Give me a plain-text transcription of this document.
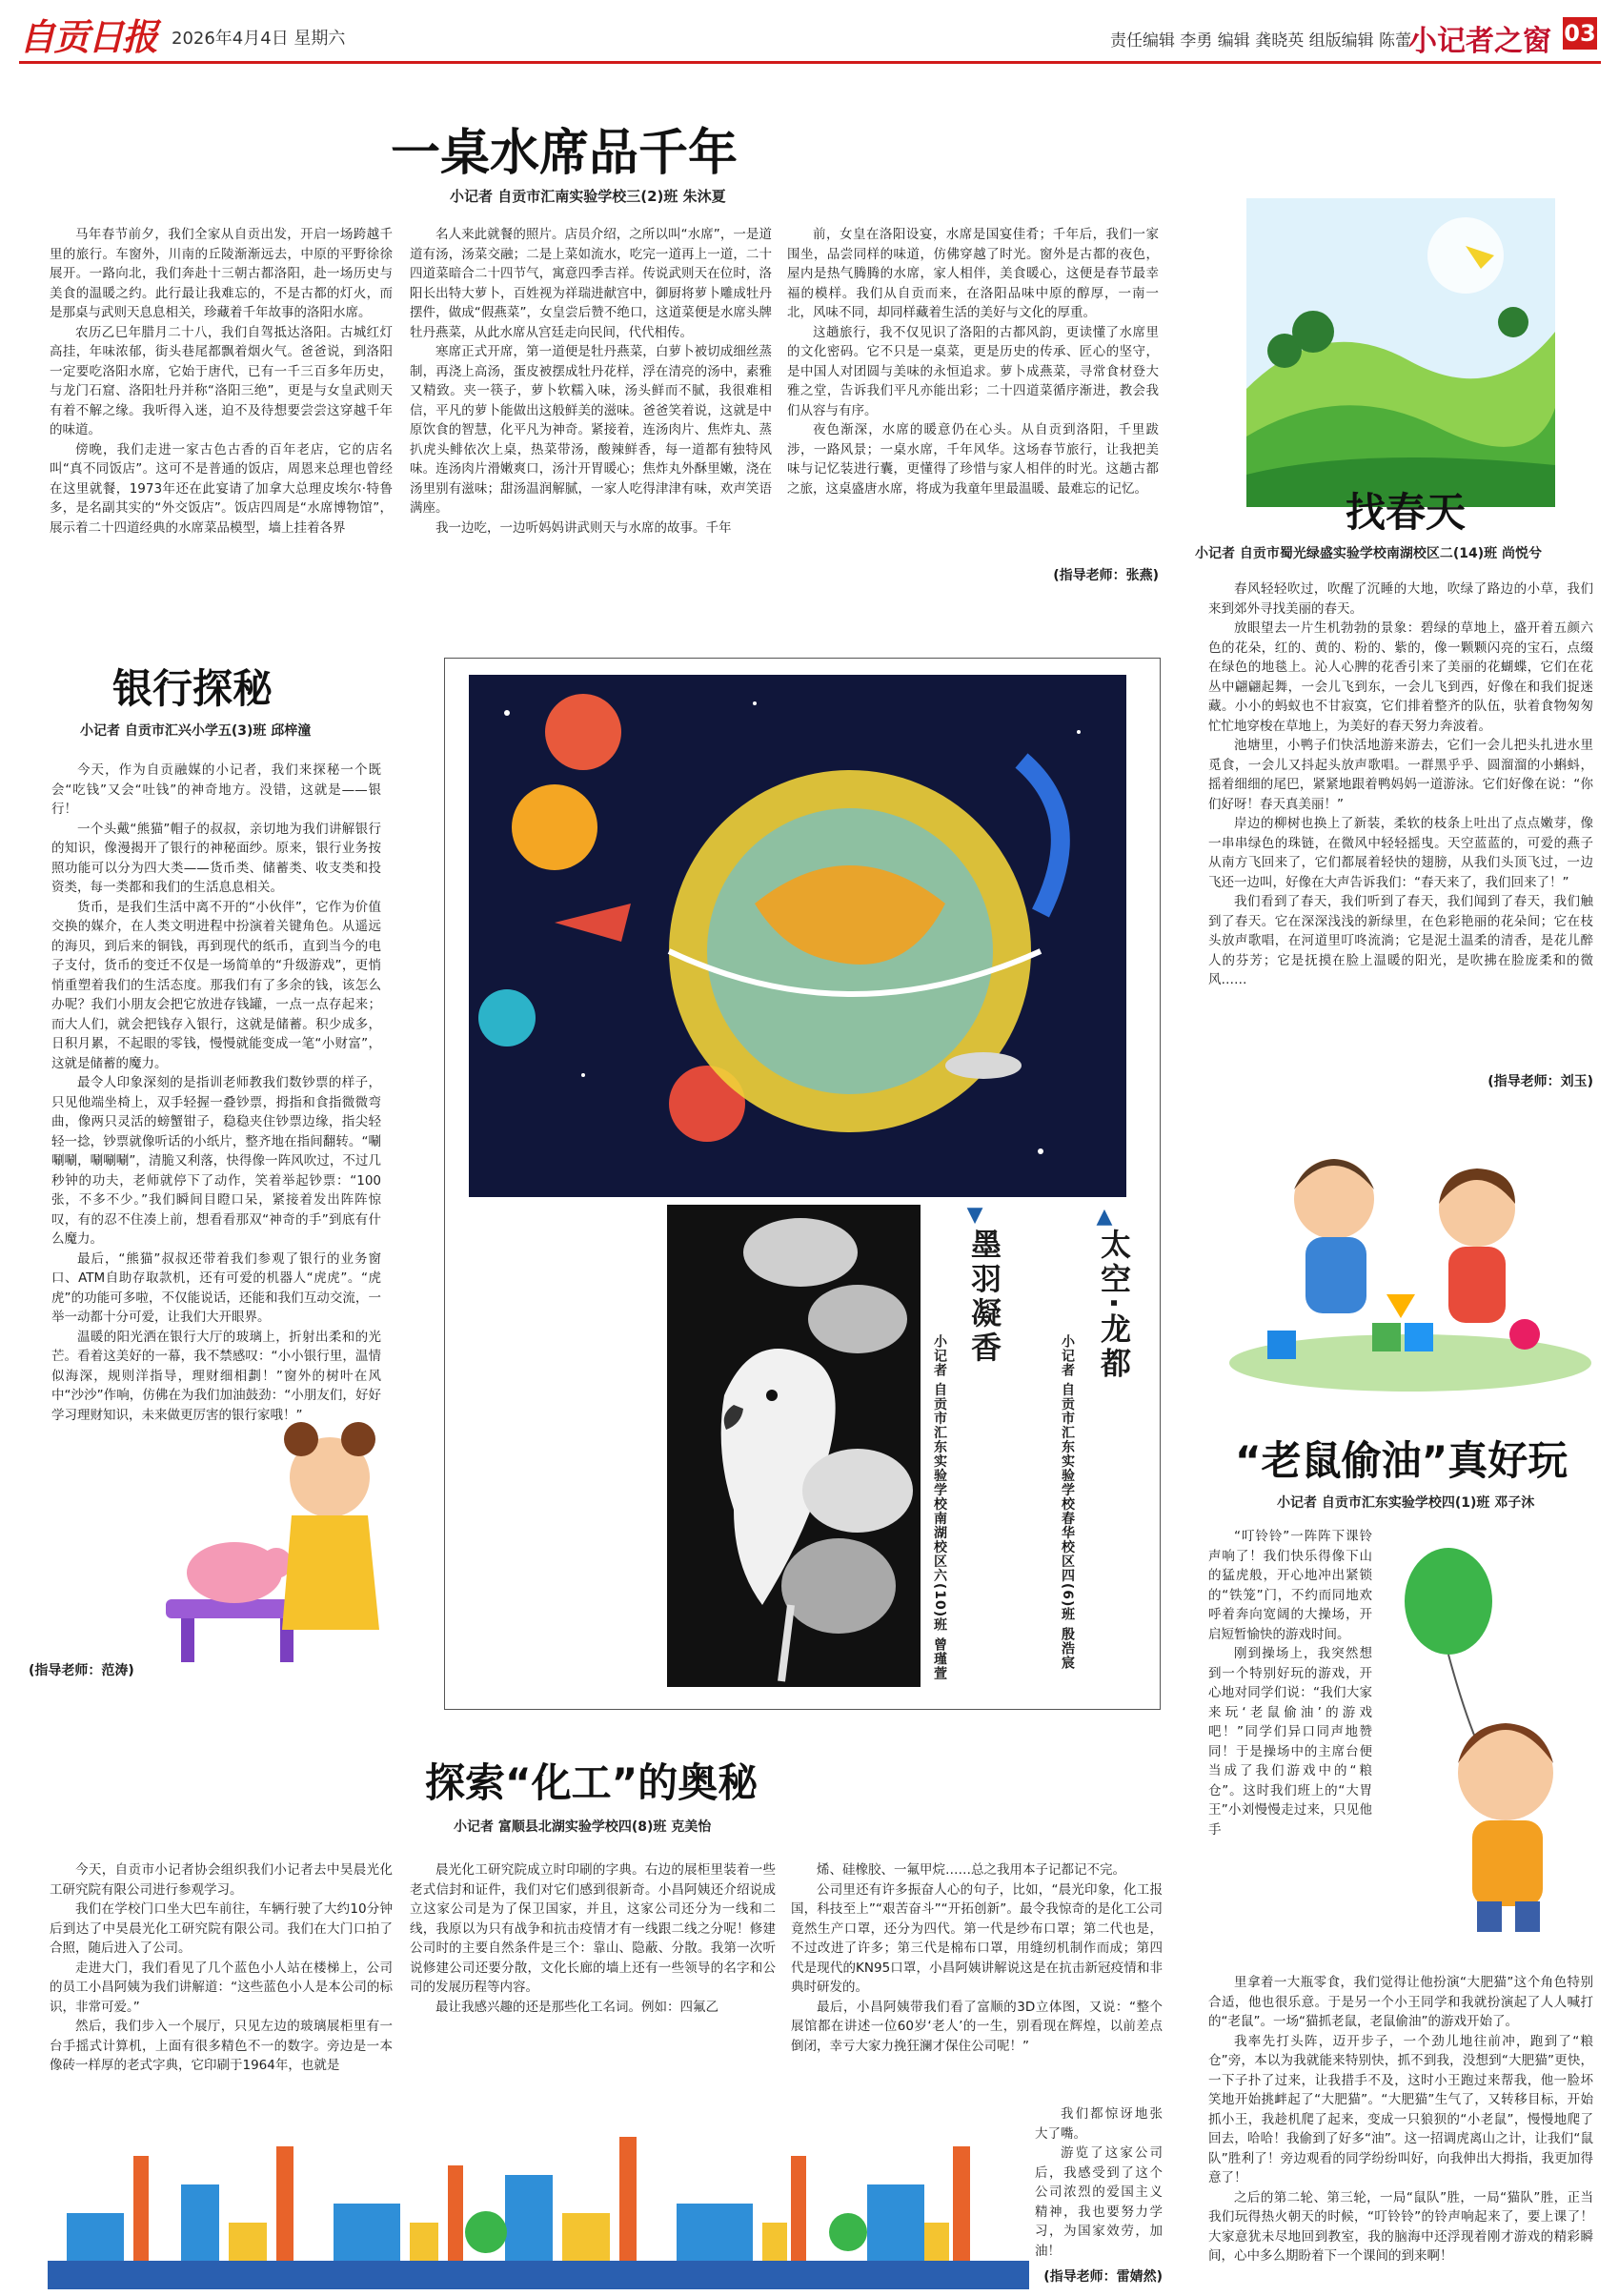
自贡日报 2026年4月4日 星期六	责任编辑 李勇 编辑 龚晓英 组版编辑 陈蕾
小记者之窗 03
一桌水席品千年
小记者 自贡市汇南实验学校三(2)班 朱沐夏

马年春节前夕，我们全家从自贡出发，开启一场跨越千里的旅行。车窗外，川南的丘陵渐渐远去，中原的平野徐徐展开。一路向北，我们奔赴十三朝古都洛阳，赴一场历史与美食的温暖之约。此行最让我难忘的，不是古都的灯火，而是那桌与武则天息息相关，珍藏着千年故事的洛阳水席。

农历乙巳年腊月二十八，我们自驾抵达洛阳。古城红灯高挂，年味浓郁，街头巷尾都飘着烟火气。爸爸说，到洛阳一定要吃洛阳水席，它始于唐代，已有一千三百多年历史，与龙门石窟、洛阳牡丹并称“洛阳三绝”，更是与女皇武则天有着不解之缘。我听得入迷，迫不及待想要尝尝这穿越千年的味道。

傍晚，我们走进一家古色古香的百年老店，它的店名叫“真不同饭店”。这可不是普通的饭店，周恩来总理也曾经在这里就餐，1973年还在此宴请了加拿大总理皮埃尔·特鲁多，是名副其实的“外交饭店”。饭店四周是“水席博物馆”，展示着二十四道经典的水席菜品模型，墙上挂着各界

名人来此就餐的照片。店员介绍，之所以叫“水席”，一是道道有汤，汤菜交融；二是上菜如流水，吃完一道再上一道，二十四道菜暗合二十四节气，寓意四季吉祥。传说武则天在位时，洛阳长出特大萝卜，百姓视为祥瑞进献宫中，御厨将萝卜雕成牡丹摆件，做成“假燕菜”，女皇尝后赞不绝口，这道菜便是水席头牌牡丹燕菜，从此水席从宫廷走向民间，代代相传。

寒席正式开席，第一道便是牡丹燕菜，白萝卜被切成细丝蒸制，再浇上高汤，蛋皮被摆成牡丹花样，浮在清亮的汤中，素雅又精致。夹一筷子，萝卜软糯入味，汤头鲜而不腻，我很难相信，平凡的萝卜能做出这般鲜美的滋味。爸爸笑着说，这就是中原饮食的智慧，化平凡为神奇。紧接着，连汤肉片、焦炸丸、蒸扒虎头鲱依次上桌，热菜带汤，酸辣鲜香，每一道都有独特风味。连汤肉片滑嫩爽口，汤汁开胃暖心；焦炸丸外酥里嫩，浇在汤里别有滋味；甜汤温润解腻，一家人吃得津津有味，欢声笑语满座。

我一边吃，一边听妈妈讲武则天与水席的故事。千年

前，女皇在洛阳设宴，水席是国宴佳肴；千年后，我们一家围坐，品尝同样的味道，仿佛穿越了时光。窗外是古都的夜色，屋内是热气腾腾的水席，家人相伴，美食暖心，这便是春节最幸福的模样。我们从自贡而来，在洛阳品味中原的醇厚，一南一北，风味不同，却同样藏着生活的美好与文化的厚重。

这趟旅行，我不仅见识了洛阳的古都风韵，更读懂了水席里的文化密码。它不只是一桌菜，更是历史的传承、匠心的坚守，是中国人对团圆与美味的永恒追求。萝卜成燕菜，寻常食材登大雅之堂，告诉我们平凡亦能出彩；二十四道菜循序渐进，教会我们从容与有序。

夜色渐深，水席的暖意仍在心头。从自贡到洛阳，千里跋涉，一路风景；一桌水席，千年风华。这场春节旅行，让我把美味与记忆装进行囊，更懂得了珍惜与家人相伴的时光。这趟古都之旅，这桌盛唐水席，将成为我童年里最温暖、最难忘的记忆。

(指导老师：张燕)
找春天
小记者 自贡市蜀光绿盛实验学校南湖校区二(14)班 尚悦兮

春风轻轻吹过，吹醒了沉睡的大地，吹绿了路边的小草，我们来到郊外寻找美丽的春天。

放眼望去一片生机勃勃的景象：碧绿的草地上，盛开着五颜六色的花朵，红的、黄的、粉的、紫的，像一颗颗闪亮的宝石，点缀在绿色的地毯上。沁人心脾的花香引来了美丽的花蝴蝶，它们在花丛中翩翩起舞，一会儿飞到东，一会儿飞到西，好像在和我们捉迷藏。小小的蚂蚁也不甘寂寞，它们排着整齐的队伍，驮着食物匆匆忙忙地穿梭在草地上，为美好的春天努力奔波着。

池塘里，小鸭子们快活地游来游去，它们一会儿把头扎进水里觅食，一会儿又抖起头放声歌唱。一群黑乎乎、圆溜溜的小蝌蚪，摇着细细的尾巴，紧紧地跟着鸭妈妈一道游泳。它们好像在说：“你们好呀！春天真美丽！”

岸边的柳树也换上了新装，柔软的枝条上吐出了点点嫩芽，像一串串绿色的珠链，在微风中轻轻摇曳。天空蓝蓝的，可爱的燕子从南方飞回来了，它们都展着轻快的翅膀，从我们头顶飞过，一边飞还一边叫，好像在大声告诉我们：“春天来了，我们回来了！”

我们看到了春天，我们听到了春天，我们闻到了春天，我们触到了春天。它在深深浅浅的新绿里，在色彩艳丽的花朵间；它在枝头放声歌唱，在河道里叮咚流淌；它是泥土温柔的清香，是花儿醉人的芬芳；它是抚摸在脸上温暖的阳光，是吹拂在脸庞柔和的微风……

(指导老师：刘玉)
“老鼠偷油”真好玩
小记者 自贡市汇东实验学校四(1)班 邓子沐

“叮铃铃”一阵阵下课铃声响了！我们快乐得像下山的猛虎般，开心地冲出紧锁的“铁笼”门，不约而同地欢呼着奔向宽阔的大操场，开启短暂愉快的游戏时间。

刚到操场上，我突然想到一个特别好玩的游戏，开心地对同学们说：“我们大家来玩‘老鼠偷油’的游戏吧！”同学们异口同声地赞同！于是操场中的主席台便当成了我们游戏中的“粮仓”。这时我们班上的“大胃王”小刘慢慢走过来，只见他手

里拿着一大瓶零食，我们觉得让他扮演“大肥猫”这个角色特别合适，他也很乐意。于是另一个小王同学和我就扮演起了人人喊打的“老鼠”。一场“猫抓老鼠，老鼠偷油”的游戏开始了。

我率先打头阵，迈开步子，一个劲儿地往前冲，跑到了“粮仓”旁，本以为我就能来特别快，抓不到我，没想到“大肥猫”更快，一下子扑了过来，让我措手不及，这时小王跑过来帮我，他一脸坏笑地开始挑衅起了“大肥猫”。“大肥猫”生气了，又转移目标，开始抓小王，我趁机爬了起来，变成一只狼狈的“小老鼠”，慢慢地爬了回去，哈哈！我偷到了好多“油”。这一招调虎离山之计，让我们“鼠队”胜利了！旁边观看的同学纷纷叫好，向我伸出大拇指，我更加得意了！

之后的第二轮、第三轮，一局“鼠队”胜，一局“猫队”胜，正当我们玩得热火朝天的时候，“叮铃铃”的铃声响起来了，要上课了！大家意犹未尽地回到教室，我的脑海中还浮现着刚才游戏的精彩瞬间，心中多么期盼着下一个课间的到来啊！

银行探秘
小记者 自贡市汇兴小学五(3)班 邱梓潼

今天，作为自贡融媒的小记者，我们来探秘一个既会“吃钱”又会“吐钱”的神奇地方。没错，这就是——银行！

一个头戴“熊猫”帽子的叔叔，亲切地为我们讲解银行的知识，像漫揭开了银行的神秘面纱。原来，银行业务按照功能可以分为四大类——货币类、储蓄类、收支类和投资类，每一类都和我们的生活息息相关。

货币，是我们生活中离不开的“小伙伴”，它作为价值交换的媒介，在人类文明进程中扮演着关键角色。从遥远的海贝，到后来的铜钱，再到现代的纸币，直到当今的电子支付，货币的变迁不仅是一场简单的“升级游戏”，更悄悄重塑着我们的生活态度。那我们有了多余的钱，该怎么办呢？我们小朋友会把它放进存钱罐，一点一点存起来；而大人们，就会把钱存入银行，这就是储蓄。积少成多，日积月累，不起眼的零钱，慢慢就能变成一笔“小财富”，这就是储蓄的魔力。

最令人印象深刻的是指训老师教我们数钞票的样子，只见他端坐椅上，双手轻握一叠钞票，拇指和食指微微弯曲，像两只灵活的螃蟹钳子，稳稳夹住钞票边缘，指尖轻轻一捻，钞票就像听话的小纸片，整齐地在指间翻转。“唰唰唰，唰唰唰”，清脆又利落，快得像一阵风吹过，不过几秒钟的功夫，老师就停下了动作，笑着举起钞票：“100张，不多不少。”我们瞬间目瞪口呆，紧接着发出阵阵惊叹，有的忍不住凑上前，想看看那双“神奇的手”到底有什么魔力。

最后，“熊猫”叔叔还带着我们参观了银行的业务窗口、ATM自助存取款机，还有可爱的机器人“虎虎”。“虎虎”的功能可多啦，不仅能说话，还能和我们互动交流，一举一动都十分可爱，让我们大开眼界。

温暖的阳光洒在银行大厅的玻璃上，折射出柔和的光芒。看着这美好的一幕，我不禁感叹：“小小银行里，温情似海深，规则洋指导，理财细相劃！”窗外的树叶在风中“沙沙”作响，仿佛在为我们加油鼓劲：“小朋友们，好好学习理财知识，未来做更厉害的银行家哦！”

(指导老师：范涛)
▲
太空·龙都
小记者 自贡市汇东实验学校春华校区四(6)班 殷浩宸
▲
墨羽凝香
小记者 自贡市汇东实验学校南湖校区六(10)班 曾瑾萱
探索“化工”的奥秘
小记者 富顺县北湖实验学校四(8)班 克美怡

今天，自贡市小记者协会组织我们小记者去中昊晨光化工研究院有限公司进行参观学习。

我们在学校门口坐大巴车前往，车辆行驶了大约10分钟后到达了中昊晨光化工研究院有限公司。我们在大门口拍了合照，随后进入了公司。

走进大门，我们看见了几个蓝色小人站在楼梯上，公司的员工小昌阿姨为我们讲解道：“这些蓝色小人是本公司的标识，非常可爱。”

然后，我们步入一个展厅，只见左边的玻璃展柜里有一台手摇式计算机，上面有很多精色不一的数字。旁边是一本像砖一样厚的老式字典，它印刷于1964年，也就是

晨光化工研究院成立时印刷的字典。右边的展柜里装着一些老式信封和证件，我们对它们感到很新奇。小昌阿姨还介绍说成立这家公司是为了保卫国家，并且，这家公司还分为一线和二线，我原以为只有战争和抗击疫情才有一线跟二线之分呢！修建公司时的主要自然条件是三个：靠山、隐蔽、分散。我第一次听说修建公司还要分散，文化长廊的墙上还有一些领导的名字和公司的发展历程等内容。

最让我感兴趣的还是那些化工名词。例如：四氟乙

烯、硅橡胶、一氟甲烷……总之我用本子记都记不完。

公司里还有许多振奋人心的句子，比如，“晨光印象，化工报国，科技至上”“艰苦奋斗”“开拓创新”。最令我惊奇的是化工公司竟然生产口罩，还分为四代。第一代是纱布口罩；第二代也是，不过改进了许多；第三代是棉布口罩，用缝纫机制作而成；第四代是现代的KN95口罩，小昌阿姨讲解说这是在抗击新冠疫情和非典时研发的。

最后，小昌阿姨带我们看了富顺的3D立体图，又说：“整个展馆都在讲述一位60岁‘老人’的一生，别看现在辉煌，以前差点倒闭，幸亏大家力挽狂澜才保住公司呢！”

我们都惊讶地张大了嘴。

游览了这家公司后，我感受到了这个公司浓烈的爱国主义精神，我也要努力学习，为国家效劳，加油！

(指导老师：雷婧然)
